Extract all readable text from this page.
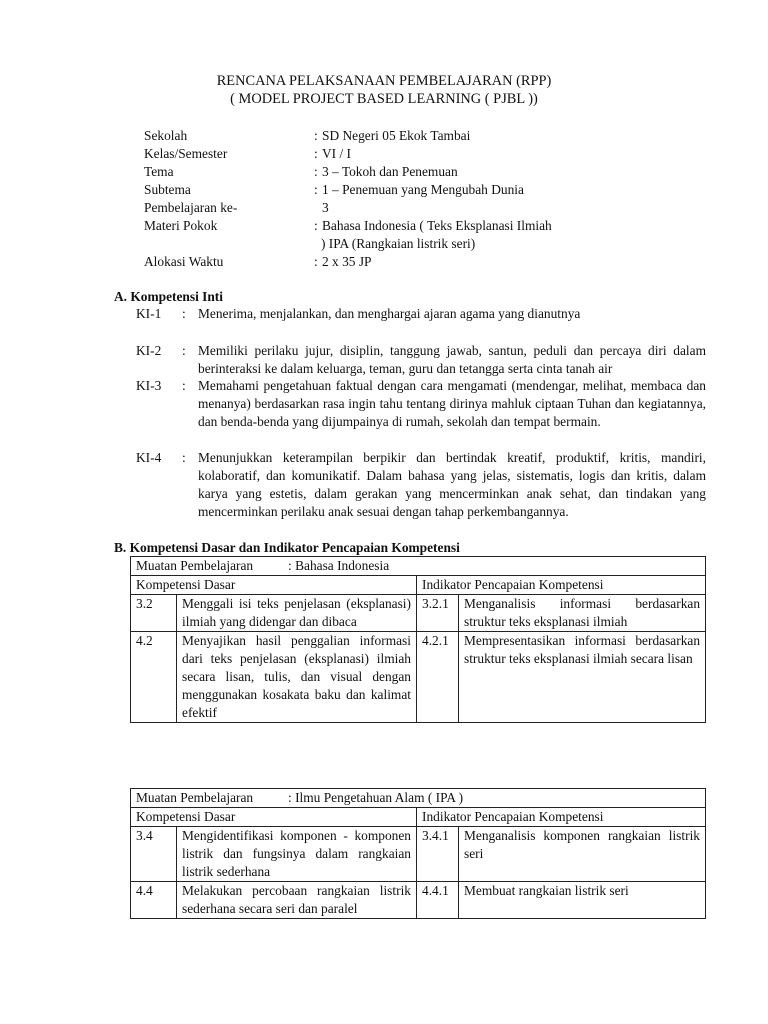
RENCANA PELAKSANAAN PEMBELAJARAN (RPP)
( MODEL PROJECT BASED LEARNING ( PJBL ))
Sekolah	: SD Negeri 05 Ekok Tambai
Kelas/Semester	: VI / I
Tema	: 3 – Tokoh dan Penemuan
Subtema	: 1 – Penemuan yang Mengubah Dunia
Pembelajaran ke-	3
Materi Pokok	: Bahasa Indonesia ( Teks Eksplanasi Ilmiah
) IPA (Rangkaian listrik seri)
Alokasi Waktu	: 2 x 35 JP
A. Kompetensi Inti
KI-1	: Menerima, menjalankan, dan menghargai ajaran agama yang dianutnya
KI-2	: Memiliki perilaku jujur, disiplin, tanggung jawab, santun, peduli dan percaya diri dalam berinteraksi ke dalam keluarga, teman, guru dan tetangga serta cinta tanah air
KI-3	: Memahami pengetahuan faktual dengan cara mengamati (mendengar, melihat, membaca dan menanya) berdasarkan rasa ingin tahu tentang dirinya mahluk ciptaan Tuhan dan kegiatannya, dan benda-benda yang dijumpainya di rumah, sekolah dan tempat bermain.
KI-4	: Menunjukkan keterampilan berpikir dan bertindak kreatif, produktif, kritis, mandiri, kolaboratif, dan komunikatif. Dalam bahasa yang jelas, sistematis, logis dan kritis, dalam karya yang estetis, dalam gerakan yang mencerminkan anak sehat, dan tindakan yang mencerminkan perilaku anak sesuai dengan tahap perkembangannya.
B. Kompetensi Dasar dan Indikator Pencapaian Kompetensi
Muatan Pembelajaran : Bahasa Indonesia			
Kompetensi Dasar		Indikator Pencapaian Kompetensi	
3.2	Menggali isi teks penjelasan (eksplanasi) ilmiah yang didengar dan dibaca	3.2.1	Menganalisis informasi berdasarkan struktur teks eksplanasi ilmiah
4.2	Menyajikan hasil penggalian informasi dari teks penjelasan (eksplanasi) ilmiah secara lisan, tulis, dan visual dengan menggunakan kosakata baku dan kalimat efektif	4.2.1	Mempresentasikan informasi berdasarkan struktur teks eksplanasi ilmiah secara lisan
Muatan Pembelajaran : Ilmu Pengetahuan Alam ( IPA )			
Kompetensi Dasar		Indikator Pencapaian Kompetensi	
3.4	Mengidentifikasi komponen - komponen listrik dan fungsinya dalam rangkaian listrik sederhana	3.4.1	Menganalisis komponen rangkaian listrik seri
4.4	Melakukan percobaan rangkaian listrik sederhana secara seri dan paralel	4.4.1	Membuat rangkaian listrik seri
